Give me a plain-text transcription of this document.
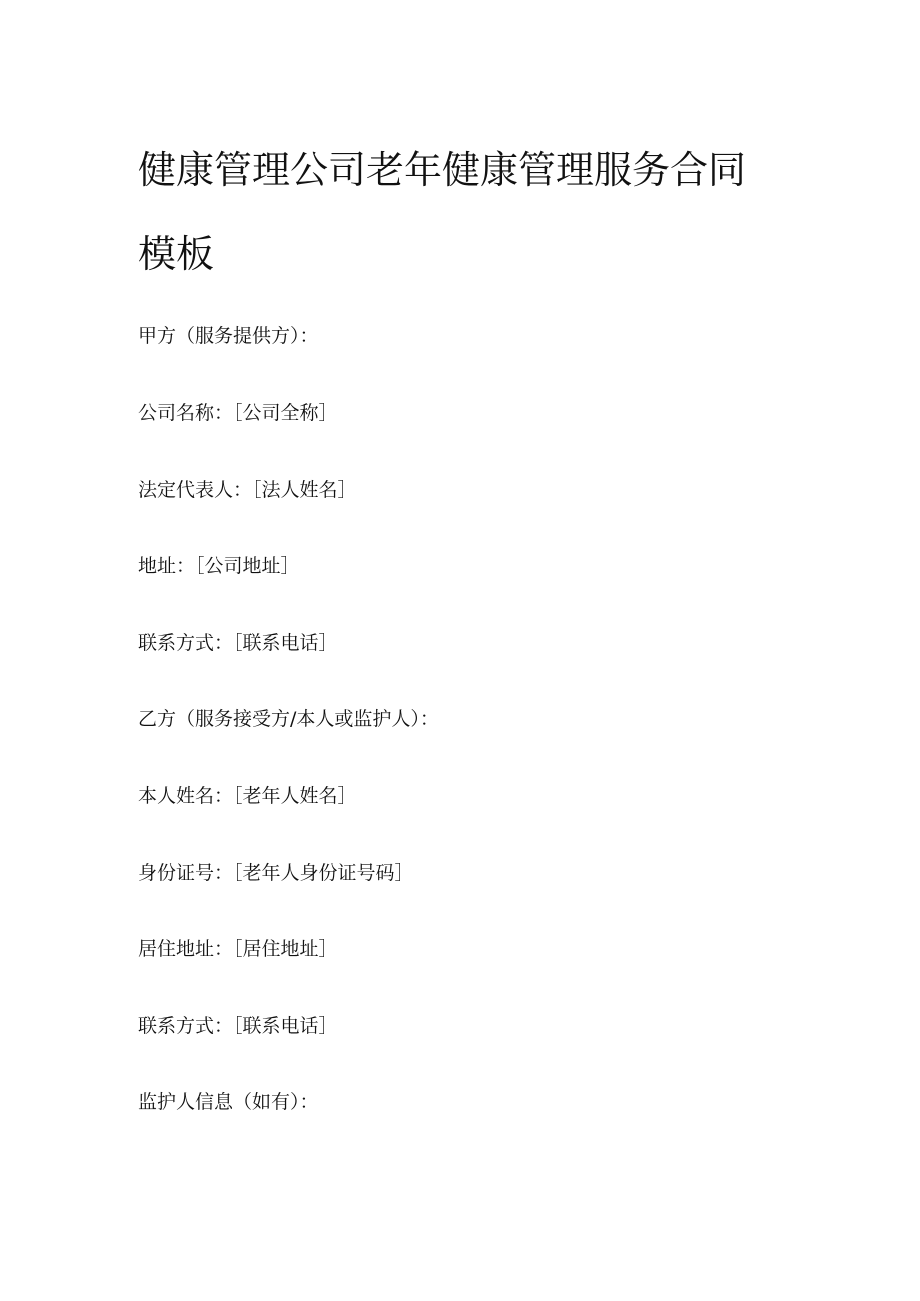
健康管理公司老年健康管理服务合同模板

甲方（服务提供方）：

公司名称：［公司全称］

法定代表人：［法人姓名］

地址：［公司地址］

联系方式：［联系电话］

乙方（服务接受方/本人或监护人）：

本人姓名：［老年人姓名］

身份证号：［老年人身份证号码］

居住地址：［居住地址］

联系方式：［联系电话］

监护人信息（如有）：
